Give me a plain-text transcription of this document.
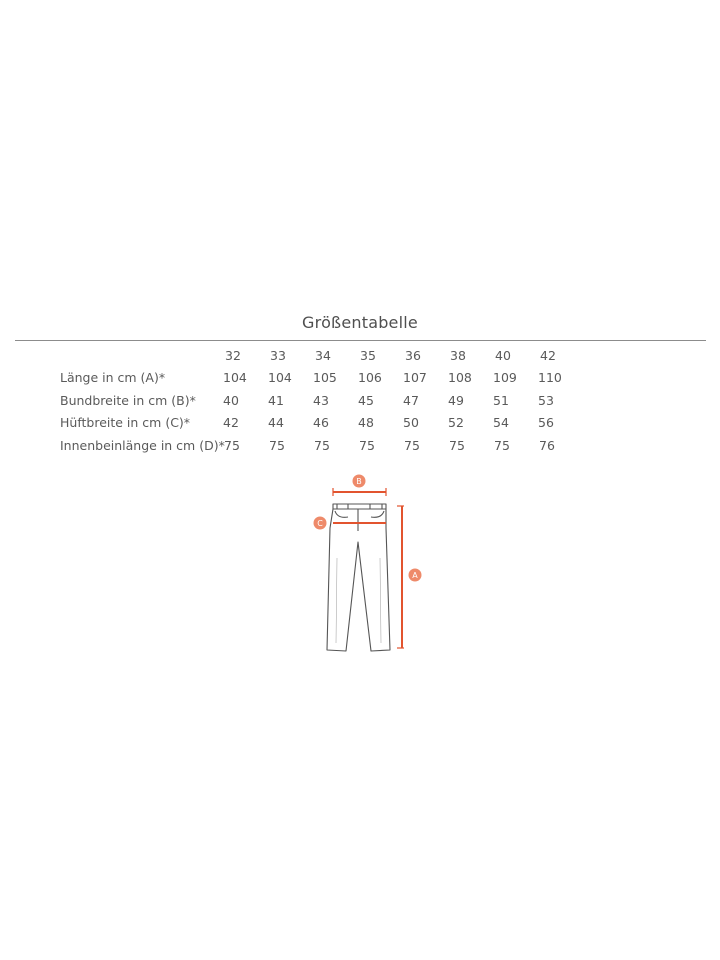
Größentabelle
32 33 34 35 36 38 40 42
Länge in cm (A)*	104 104 105 106 107 108 109 110
Bundbreite in cm (B)* 40 41 43 45 47 49 51 53
Hüftbreite in cm (C)*	42 44 46 48 50 52 54 56
Innenbeinlänge in cm (D)* 75 75 75 75 75 75 75 76
B
C
A
